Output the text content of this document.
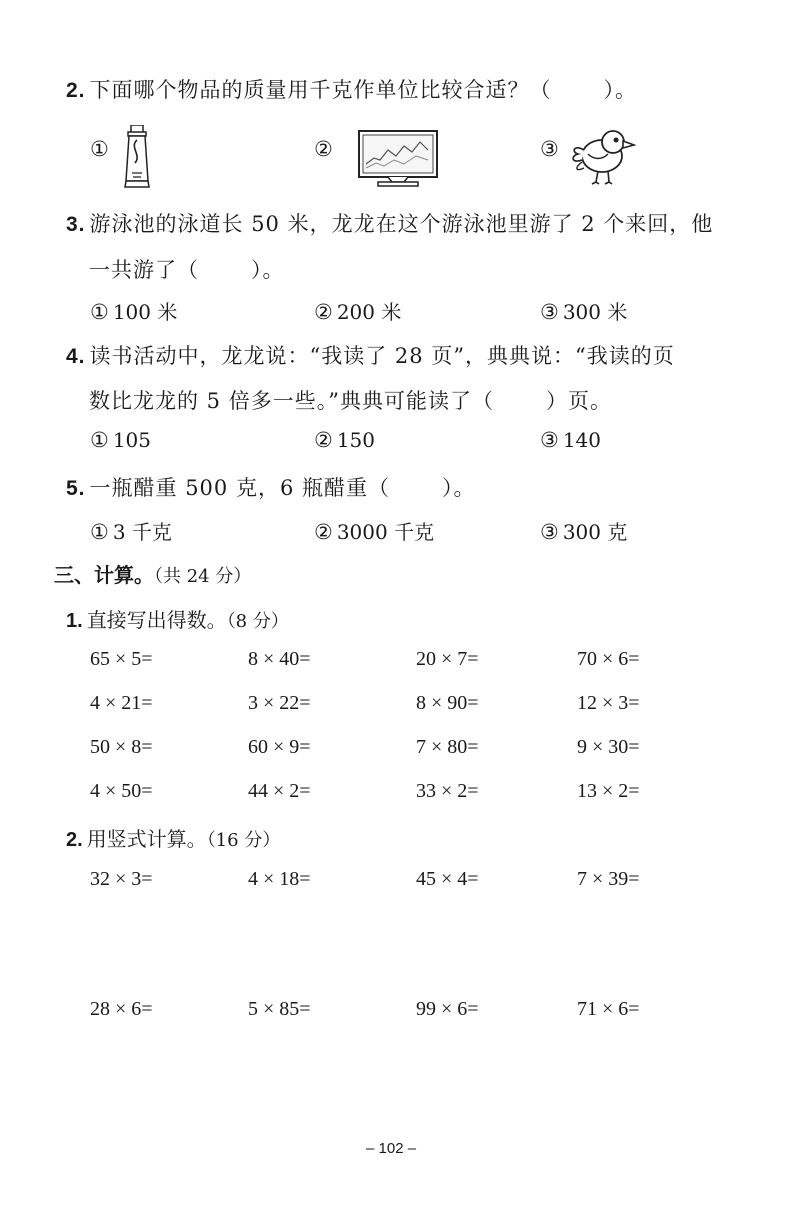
2. 下面哪个物品的质量用千克作单位比较合适？（ ）。
①	②	③
3. 游泳池的泳道长 50 米，龙龙在这个游泳池里游了 2 个来回，他
一共游了（ ）。
① 100 米	② 200 米	③ 300 米
4. 读书活动中，龙龙说：“我读了 28 页”，典典说：“我读的页
数比龙龙的 5 倍多一些。”典典可能读了（ ）页。
① 105	② 150	③ 140
5. 一瓶醋重 500 克，6 瓶醋重（ ）。
① 3 千克	② 3000 千克	③ 300 克
三、计算。（共 24 分）
1. 直接写出得数。（8 分）
65 × 5=	8 × 40=	20 × 7=	70 × 6=
4 × 21=	3 × 22=	8 × 90=	12 × 3=
50 × 8=	60 × 9=	7 × 80=	9 × 30=
4 × 50=	44 × 2=	33 × 2=	13 × 2=
2. 用竖式计算。（16 分）
32 × 3=	4 × 18=	45 × 4=	7 × 39=
28 × 6=	5 × 85=	99 × 6=	71 × 6=
– 102 –
